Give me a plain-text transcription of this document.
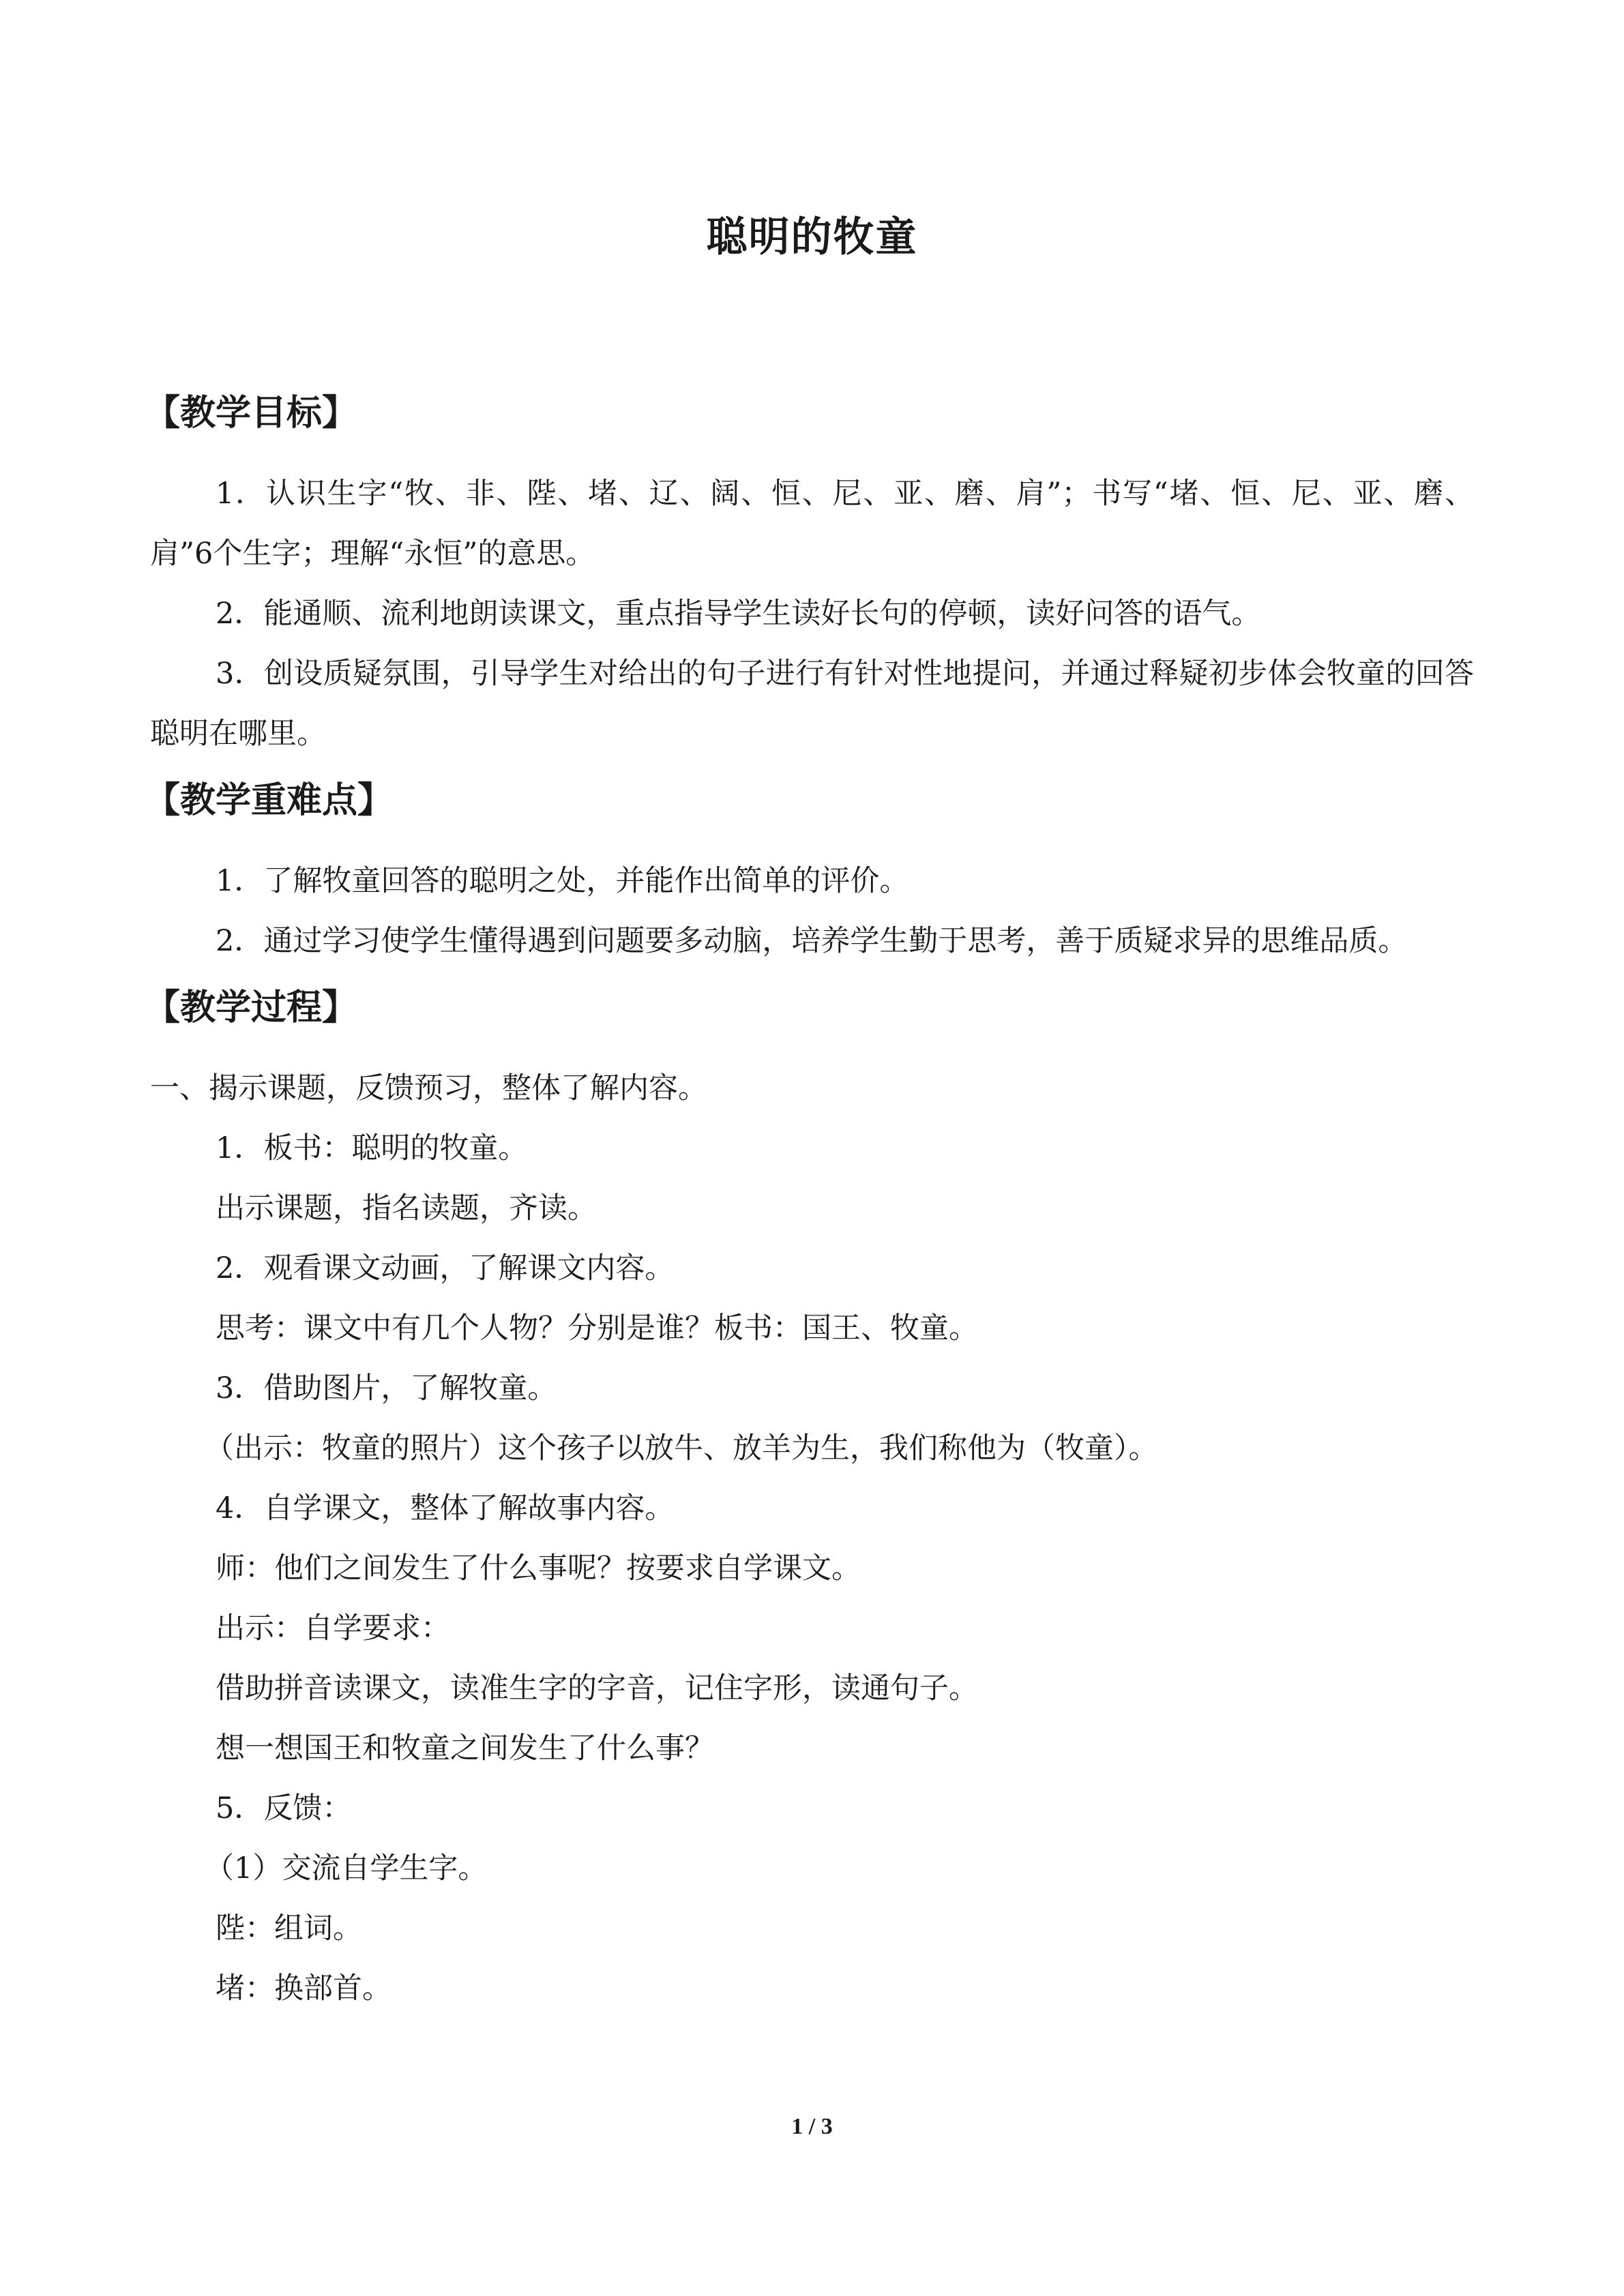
聪明的牧童
【教学目标】
1．认识生字“牧、非、陛、堵、辽、阔、恒、尼、亚、磨、肩”；书写“堵、恒、尼、亚、磨、肩”6个生字；理解“永恒”的意思。
2．能通顺、流利地朗读课文，重点指导学生读好长句的停顿，读好问答的语气。
3．创设质疑氛围，引导学生对给出的句子进行有针对性地提问，并通过释疑初步体会牧童的回答聪明在哪里。
【教学重难点】
1．了解牧童回答的聪明之处，并能作出简单的评价。
2．通过学习使学生懂得遇到问题要多动脑，培养学生勤于思考，善于质疑求异的思维品质。
【教学过程】
一、揭示课题，反馈预习，整体了解内容。
1．板书：聪明的牧童。
出示课题，指名读题，齐读。
2．观看课文动画，了解课文内容。
思考：课文中有几个人物？分别是谁？板书：国王、牧童。
3．借助图片，了解牧童。
（出示：牧童的照片）这个孩子以放牛、放羊为生，我们称他为（牧童）。
4．自学课文，整体了解故事内容。
师：他们之间发生了什么事呢？按要求自学课文。
出示：自学要求：
借助拼音读课文，读准生字的字音，记住字形，读通句子。
想一想国王和牧童之间发生了什么事？
5．反馈：
（1）交流自学生字。
陛：组词。
堵：换部首。
1 / 3
